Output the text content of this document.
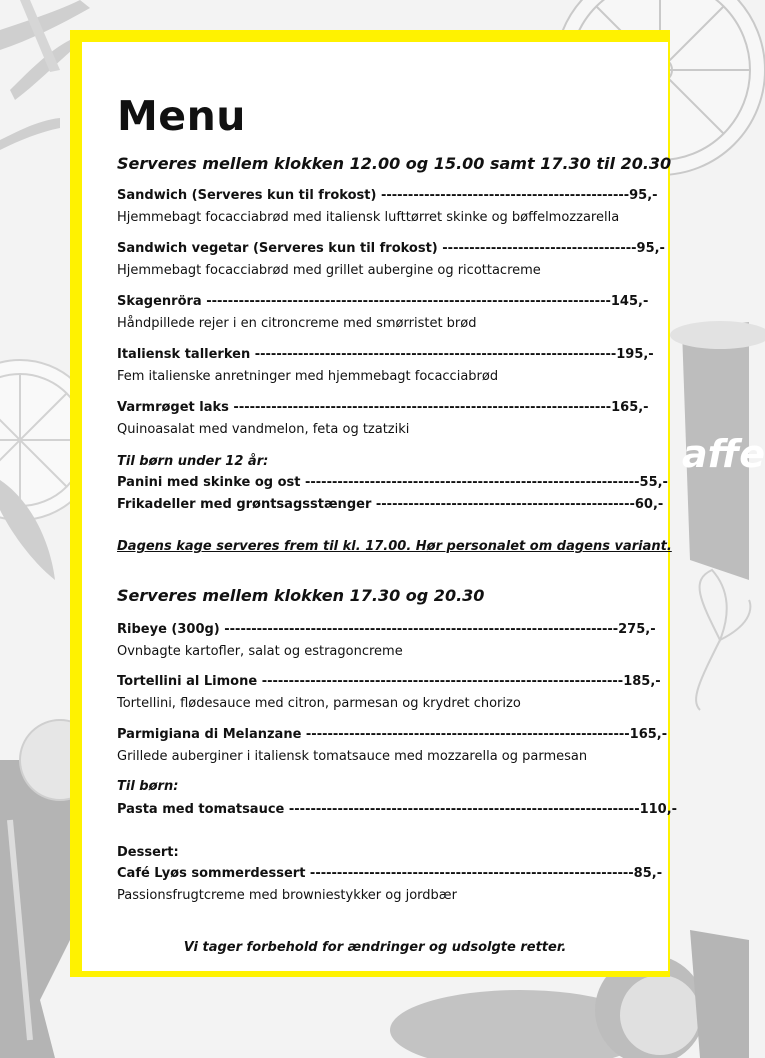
affe
Menu
Serveres mellem klokken 12.00 og 15.00 samt 17.30 til 20.30
Sandwich (Serveres kun til frokost) ----------------------------------------------95,-
Hjemmebagt focacciabrød med italiensk lufttørret skinke og bøffelmozzarella
Sandwich vegetar (Serveres kun til frokost) ------------------------------------95,-
Hjemmebagt focacciabrød med grillet aubergine og ricottacreme
Skagenröra ---------------------------------------------------------------------------145,-
Håndpillede rejer i en citroncreme med smørristet brød
Italiensk tallerken -------------------------------------------------------------------195,-
Fem italienske anretninger med hjemmebagt focacciabrød
Varmrøget laks ----------------------------------------------------------------------165,-
Quinoasalat med vandmelon, feta og tzatziki
Til børn under 12 år:
Panini med skinke og ost --------------------------------------------------------------55,-
Frikadeller med grøntsagsstænger ------------------------------------------------60,-
Dagens kage serveres frem til kl. 17.00. Hør personalet om dagens variant.
Serveres mellem klokken 17.30 og 20.30
Ribeye (300g) -------------------------------------------------------------------------275,-
Ovnbagte kartofler, salat og estragoncreme
Tortellini al Limone -------------------------------------------------------------------185,-
Tortellini, flødesauce med citron, parmesan og krydret chorizo
Parmigiana di Melanzane ------------------------------------------------------------165,-
Grillede auberginer i italiensk tomatsauce med mozzarella og parmesan
Til børn:
Pasta med tomatsauce -----------------------------------------------------------------110,-
Dessert:
Café Lyøs sommerdessert ------------------------------------------------------------85,-
Passionsfrugtcreme med browniestykker og jordbær
Vi tager forbehold for ændringer og udsolgte retter.
